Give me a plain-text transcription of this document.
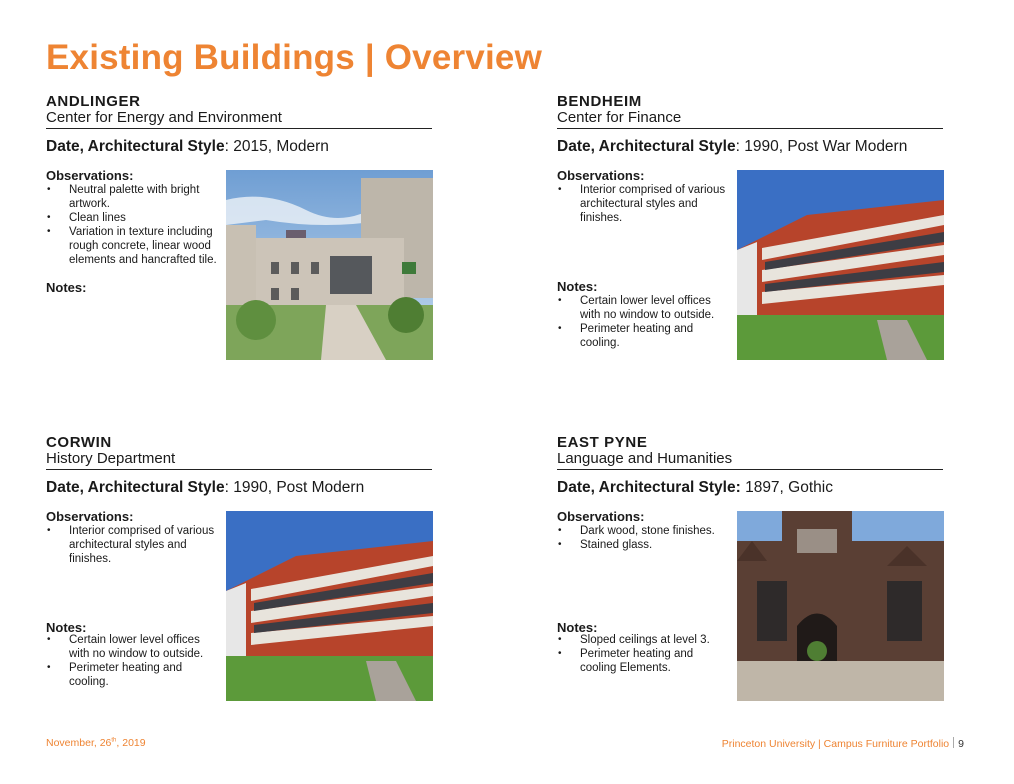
Existing Buildings | Overview
ANDLINGER
Center for Energy and Environment
Date, Architectural Style: 2015, Modern
Observations:
• Neutral palette with bright artwork.
• Clean lines
• Variation in texture including rough concrete, linear wood elements and hancrafted tile.
Notes:
BENDHEIM
Center for Finance
Date, Architectural Style: 1990, Post War Modern
Observations:
• Interior comprised of various architectural styles and finishes.
Notes:
• Certain lower level offices with no window to outside.
• Perimeter heating and cooling.
CORWIN
History Department
Date, Architectural Style: 1990, Post Modern
Observations:
• Interior comprised of various architectural styles and finishes.
Notes:
• Certain lower level offices with no window to outside.
• Perimeter heating and cooling.
EAST PYNE
Language and Humanities
Date, Architectural Style: 1897, Gothic
Observations:
• Dark wood, stone finishes.
• Stained glass.
Notes:
• Sloped ceilings at level 3.
• Perimeter heating and cooling Elements.
November, 26th, 2019	Princeton University | Campus Furniture Portfolio 9
